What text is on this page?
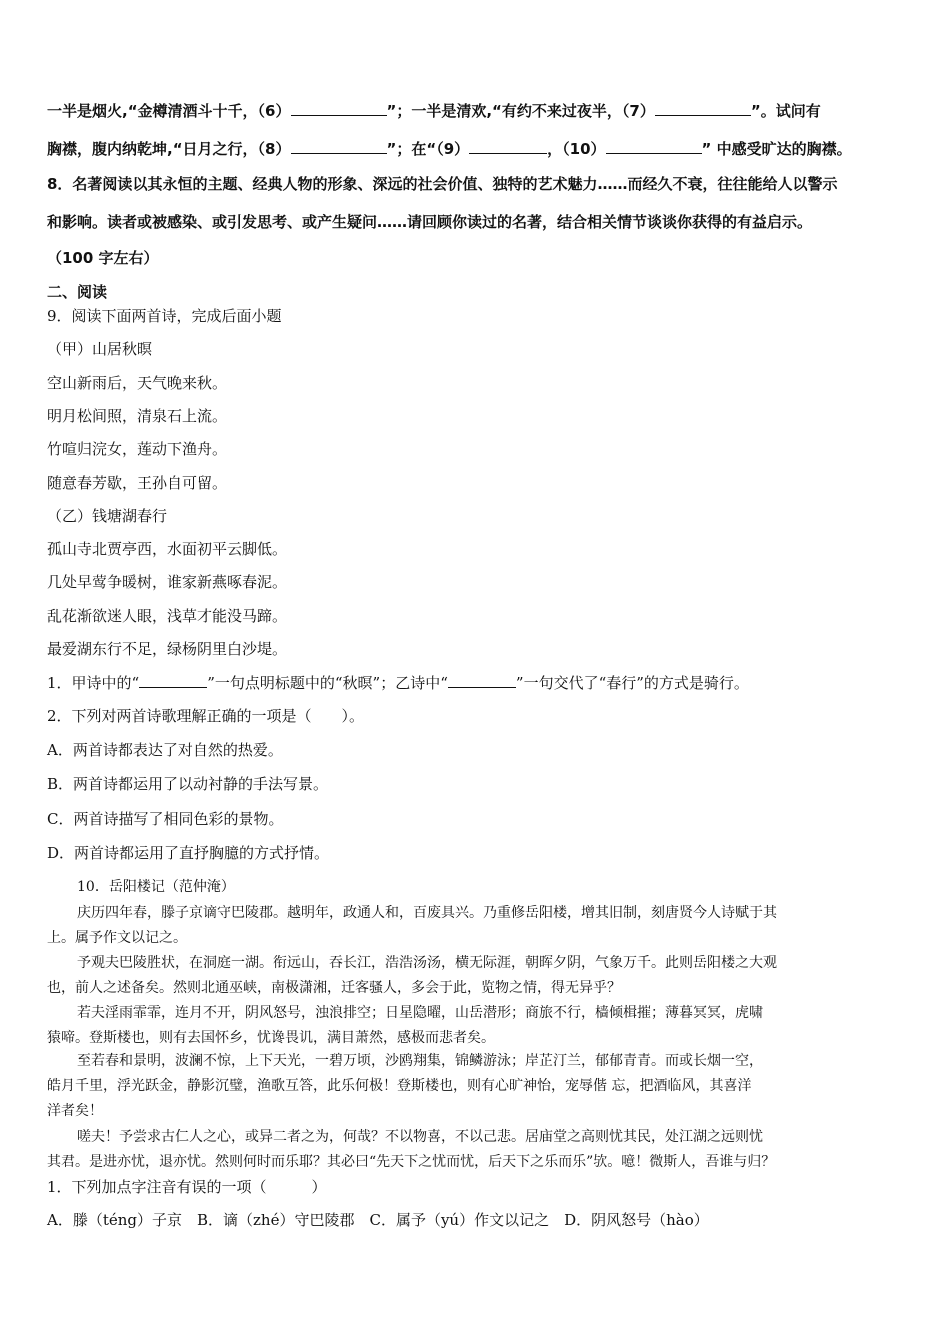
一半是烟火,“金樽清酒斗十千，（6）	”；一半是清欢,“有约不来过夜半，（7）	”。试问有
胸襟，腹内纳乾坤,“日月之行，（8）	”；在“（9）	，（10）	” 中感受旷达的胸襟。
8．名著阅读以其永恒的主题、经典人物的形象、深远的社会价值、独特的艺术魅力……而经久不衰，往往能给人以警示
和影响。读者或被感染、或引发思考、或产生疑问……请回顾你读过的名著，结合相关情节谈谈你获得的有益启示。
（100 字左右）
二、阅读
9．阅读下面两首诗，完成后面小题
（甲）山居秋暝
空山新雨后，天气晚来秋。
明月松间照，清泉石上流。
竹喧归浣女，莲动下渔舟。
随意春芳歇，王孙自可留。
（乙）钱塘湖春行
孤山寺北贾亭西，水面初平云脚低。
几处早莺争暖树，谁家新燕啄春泥。
乱花渐欲迷人眼，浅草才能没马蹄。
最爱湖东行不足，绿杨阴里白沙堤。
1．甲诗中的“	”一句点明标题中的“秋暝”；乙诗中“	”一句交代了“春行”的方式是骑行。
2．下列对两首诗歌理解正确的一项是（　　）。
A．两首诗都表达了对自然的热爱。
B．两首诗都运用了以动衬静的手法写景。
C．两首诗描写了相同色彩的景物。
D．两首诗都运用了直抒胸臆的方式抒情。
10．岳阳楼记（范仲淹）
庆历四年春，滕子京谪守巴陵郡。越明年，政通人和，百废具兴。乃重修岳阳楼，增其旧制，刻唐贤今人诗赋于其
上。属予作文以记之。
予观夫巴陵胜状，在洞庭一湖。衔远山，吞长江，浩浩汤汤，横无际涯，朝晖夕阴，气象万千。此则岳阳楼之大观
也，前人之述备矣。然则北通巫峡，南极潇湘，迁客骚人，多会于此，览物之情，得无异乎？
若夫淫雨霏霏，连月不开，阴风怒号，浊浪排空；日星隐曜，山岳潜形；商旅不行，樯倾楫摧；薄暮冥冥，虎啸
猿啼。登斯楼也，则有去国怀乡，忧谗畏讥，满目萧然，感极而悲者矣。
至若春和景明，波澜不惊，上下天光，一碧万顷，沙鸥翔集，锦鳞游泳；岸芷汀兰，郁郁青青。而或长烟一空，
皓月千里，浮光跃金，静影沉璧，渔歌互答，此乐何极！登斯楼也，则有心旷神怡，宠辱偕 忘，把酒临风，其喜洋
洋者矣！
嗟夫！予尝求古仁人之心，或异二者之为，何哉？不以物喜，不以己悲。居庙堂之高则忧其民，处江湖之远则忧
其君。是进亦忧，退亦忧。然则何时而乐耶？其必曰“先天下之忧而忧，后天下之乐而乐”欤。噫！微斯人，吾谁与归？
1．下列加点字注音有误的一项（　　　）
A．滕（téng）子京　B．谪（zhé）守巴陵郡　C．属予（yú）作文以记之　D．阴风怒号（hào）
